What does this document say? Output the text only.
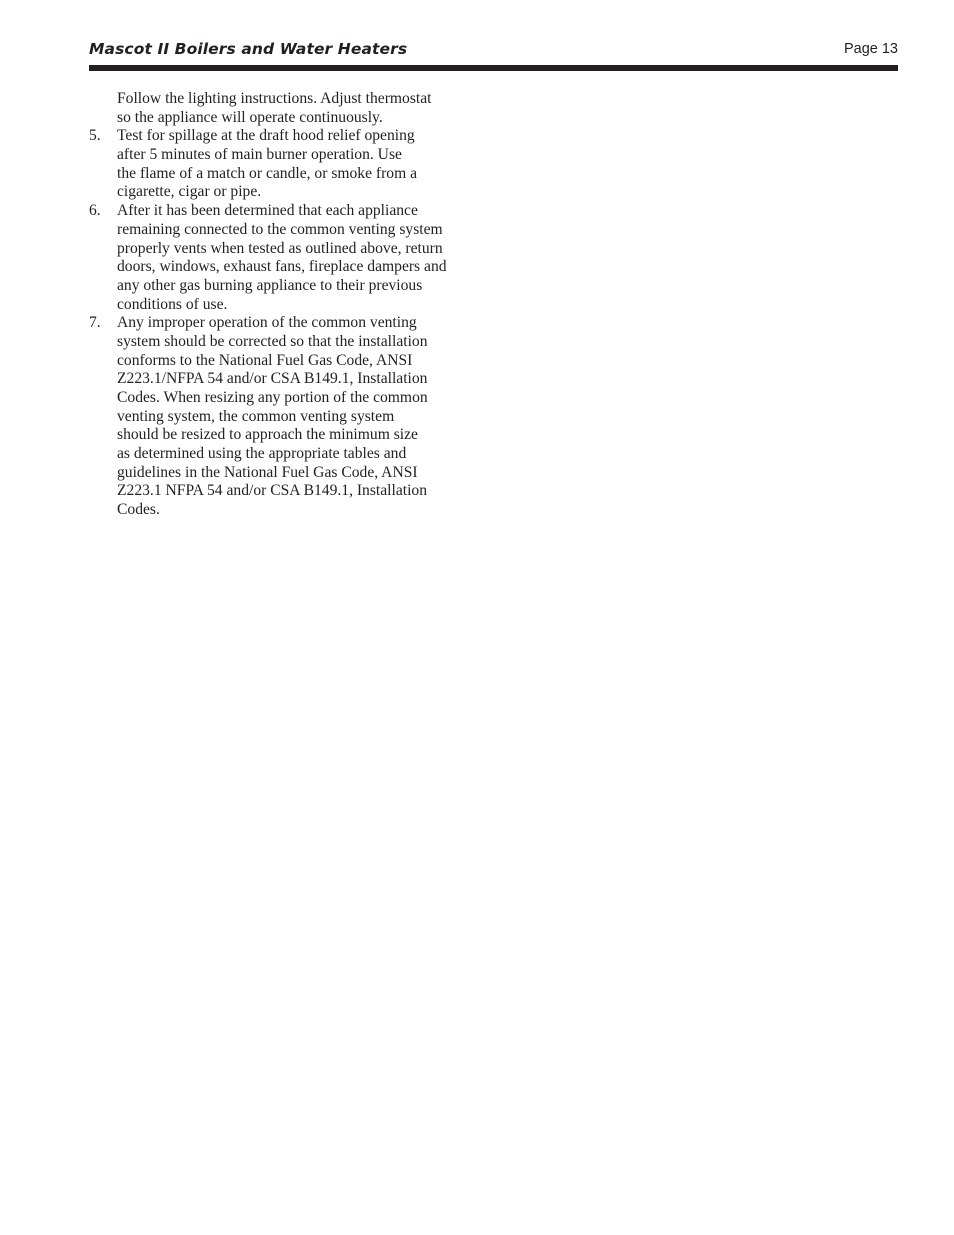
Mascot II Boilers and Water Heaters	Page 13
Follow the lighting instructions. Adjust thermostat
so the appliance will operate continuously.
5. Test for spillage at the draft hood relief opening
after 5 minutes of main burner operation. Use
the flame of a match or candle, or smoke from a
cigarette, cigar or pipe.
6. After it has been determined that each appliance
remaining connected to the common venting system
properly vents when tested as outlined above, return
doors, windows, exhaust fans, fireplace dampers and
any other gas burning appliance to their previous
conditions of use.
7. Any improper operation of the common venting
system should be corrected so that the installation
conforms to the National Fuel Gas Code, ANSI
Z223.1/NFPA 54 and/or CSA B149.1, Installation
Codes. When resizing any portion of the common
venting system, the common venting system
should be resized to approach the minimum size
as determined using the appropriate tables and
guidelines in the National Fuel Gas Code, ANSI
Z223.1 NFPA 54 and/or CSA B149.1, Installation
Codes.
